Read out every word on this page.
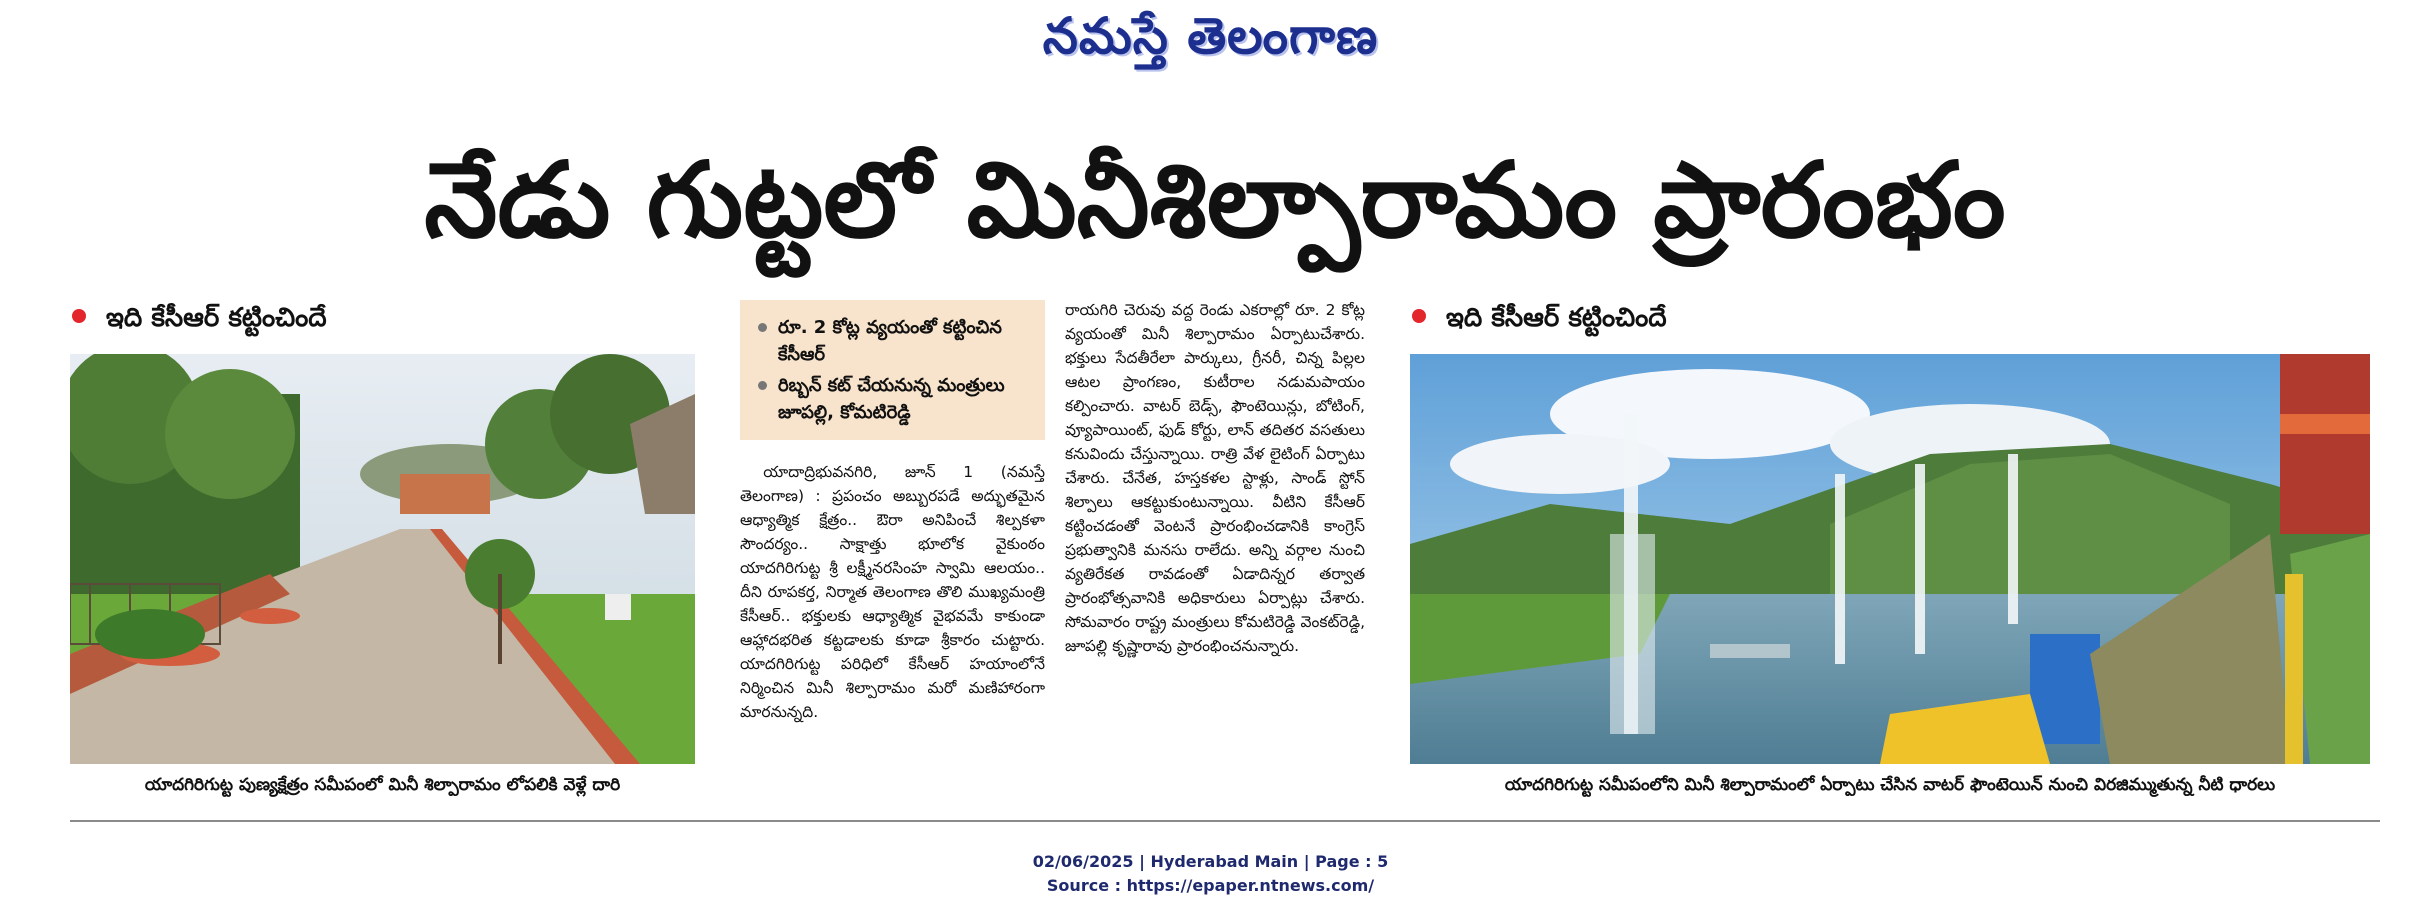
నమస్తే తెలంగాణ
నేడు గుట్టలో మినీశిల్పారామం ప్రారంభం
ఇది కేసీఆర్ కట్టించిందే
యాదగిరిగుట్ట పుణ్యక్షేత్రం సమీపంలో మినీ శిల్పారామం లోపలికి వెళ్లే దారి
రూ. 2 కోట్ల వ్యయంతో కట్టించిన కేసీఆర్
రిబ్బన్ కట్ చేయనున్న మంత్రులు జూపల్లి, కోమటిరెడ్డి

యాదాద్రిభువనగిరి, జూన్ 1 (నమస్తే తెలంగాణ) : ప్రపంచం అబ్బురపడే అద్భుతమైన ఆధ్యాత్మిక క్షేత్రం.. ఔరా అనిపించే శిల్పకళా సౌందర్యం.. సాక్షాత్తు భూలోక వైకుంఠం యాదగిరిగుట్ట శ్రీ లక్ష్మీనరసింహ స్వామి ఆలయం.. దీని రూపకర్త, నిర్మాత తెలంగాణ తొలి ముఖ్యమంత్రి కేసీఆర్.. భక్తులకు ఆధ్యాత్మిక వైభవమే కాకుండా ఆహ్లాదభరిత కట్టడాలకు కూడా శ్రీకారం చుట్టారు. యాదగిరిగుట్ట పరిధిలో కేసీఆర్ హయాంలోనే నిర్మించిన మినీ శిల్పారామం మరో మణిహారంగా మారనున్నది.

రాయగిరి చెరువు వద్ద రెండు ఎకరాల్లో రూ. 2 కోట్ల వ్యయంతో మినీ శిల్పారామం ఏర్పాటుచేశారు. భక్తులు సేదతీరేలా పార్కులు, గ్రీనరీ, చిన్న పిల్లల ఆటల ప్రాంగణం, కుటీరాల నడుమపాయం కల్పించారు. వాటర్ బెడ్స్, ఫౌంటెయిన్లు, బోటింగ్, వ్యూపాయింట్, ఫుడ్ కోర్టు, లాన్ తదితర వసతులు కనువిందు చేస్తున్నాయి. రాత్రి వేళ లైటింగ్ ఏర్పాటు చేశారు. చేనేత, హస్తకళల స్టాళ్లు, సాండ్ స్టోన్ శిల్పాలు ఆకట్టుకుంటున్నాయి. వీటిని కేసీఆర్ కట్టించడంతో వెంటనే ప్రారంభించడానికి కాంగ్రెస్ ప్రభుత్వానికి మనసు రాలేదు. అన్ని వర్గాల నుంచి వ్యతిరేకత రావడంతో ఏడాదిన్నర తర్వాత ప్రారంభోత్సవానికి అధికారులు ఏర్పాట్లు చేశారు. సోమవారం రాష్ట్ర మంత్రులు కోమటిరెడ్డి వెంకట్‌రెడ్డి, జూపల్లి కృష్ణారావు ప్రారంభించనున్నారు.

ఇది కేసీఆర్ కట్టించిందే
యాదగిరిగుట్ట సమీపంలోని మినీ శిల్పారామంలో ఏర్పాటు చేసిన వాటర్ ఫౌంటెయిన్ నుంచి విరజిమ్ముతున్న నీటి ధారలు
02/06/2025 | Hyderabad Main | Page : 5
Source : https://epaper.ntnews.com/
